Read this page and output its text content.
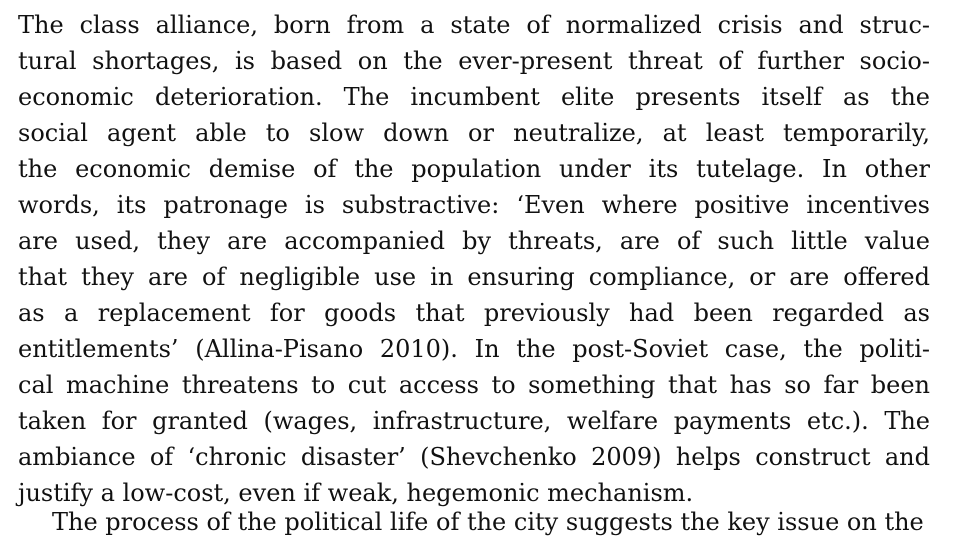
The class alliance, born from a state of normalized crisis and struc-
tural shortages, is based on the ever-present threat of further socio-
economic deterioration. The incumbent elite presents itself as the
social agent able to slow down or neutralize, at least temporarily,
the economic demise of the population under its tutelage. In other
words, its patronage is substractive: ‘Even where positive incentives
are used, they are accompanied by threats, are of such little value
that they are of negligible use in ensuring compliance, or are offered
as a replacement for goods that previously had been regarded as
entitlements’ (Allina-Pisano 2010). In the post-Soviet case, the politi-
cal machine threatens to cut access to something that has so far been
taken for granted (wages, infrastructure, welfare payments etc.). The
ambiance of ‘chronic disaster’ (Shevchenko 2009) helps construct and
justify a low-cost, even if weak, hegemonic mechanism.

The process of the political life of the city suggests the key issue on the
